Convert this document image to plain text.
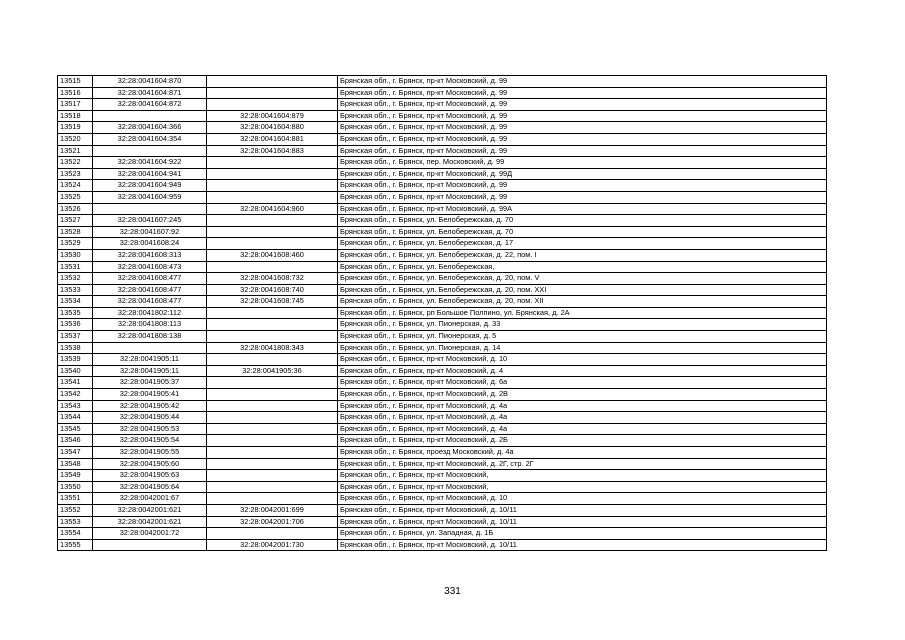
13515	32:28:0041604:870		Брянская обл., г. Брянск, пр-кт Московский, д. 99
13516	32:28:0041604:871		Брянская обл., г. Брянск, пр-кт Московский, д. 99
13517	32:28:0041604:872		Брянская обл., г. Брянск, пр-кт Московский, д. 99
13518		32:28:0041604:879	Брянская обл., г. Брянск, пр-кт Московский, д. 99
13519	32:28:0041604:366	32:28:0041604:880	Брянская обл., г. Брянск, пр-кт Московский, д. 99
13520	32:28:0041604:354	32:28:0041604:881	Брянская обл., г. Брянск, пр-кт Московский, д. 99
13521		32:28:0041604:883	Брянская обл., г. Брянск, пр-кт Московский, д. 99
13522	32:28:0041604:922		Брянская обл., г. Брянск, пер. Московский, д. 99
13523	32:28:0041604:941		Брянская обл., г. Брянск, пр-кт Московский, д. 99Д
13524	32:28:0041604:949		Брянская обл., г. Брянск, пр-кт Московский, д. 99
13525	32:28:0041604:959		Брянская обл., г. Брянск, пр-кт Московский, д. 99
13526		32:28:0041604:960	Брянская обл., г. Брянск, пр-кт Московский, д. 99А
13527	32:28:0041607:245		Брянская обл., г. Брянск, ул. Белобережская, д. 70
13528	32:28:0041607:92		Брянская обл., г. Брянск, ул. Белобережская, д. 70
13529	32:28:0041608:24		Брянская обл., г. Брянск, ул. Белобережская, д. 17
13530	32:28:0041608:313	32:28:0041608:460	Брянская обл., г. Брянск, ул. Белобережская, д. 22, пом. I
13531	32:28:0041608:473		Брянская обл., г. Брянск, ул. Белобережская,
13532	32:28:0041608:477	32:28:0041608:732	Брянская обл., г. Брянск, ул. Белобережская, д. 20, пом. V
13533	32:28:0041608:477	32:28:0041608:740	Брянская обл., г. Брянск, ул. Белобережская, д. 20, пом. XXI
13534	32:28:0041608:477	32:28:0041608:745	Брянская обл., г. Брянск, ул. Белобережская, д. 20, пом. XII
13535	32:28:0041802:112		Брянская обл., г. Брянск, рп Большое Полпино, ул. Брянская, д. 2А
13536	32:28:0041808:113		Брянская обл., г. Брянск, ул. Пионерская, д. 33
13537	32:28:0041808:138		Брянская обл., г. Брянск, ул. Пионерская, д. 5
13538		32:28:0041808:343	Брянская обл., г. Брянск, ул. Пионерская, д. 14
13539	32:28:0041905:11		Брянская обл., г. Брянск, пр-кт Московский, д. 10
13540	32:28:0041905:11	32:28:0041905:36	Брянская обл., г. Брянск, пр-кт Московский, д. 4
13541	32:28:0041905:37		Брянская обл., г. Брянск, пр-кт Московский, д. 6а
13542	32:28:0041905:41		Брянская обл., г. Брянск, пр-кт Московский, д. 2В
13543	32:28:0041905:42		Брянская обл., г. Брянск, пр-кт Московский, д. 4а
13544	32:28:0041905:44		Брянская обл., г. Брянск, пр-кт Московский, д. 4а
13545	32:28:0041905:53		Брянская обл., г. Брянск, пр-кт Московский, д. 4а
13546	32:28:0041905:54		Брянская обл., г. Брянск, пр-кт Московский, д. 2Б
13547	32:28:0041905:55		Брянская обл., г. Брянск, проезд Московский, д. 4а
13548	32:28:0041905:60		Брянская обл., г. Брянск, пр-кт Московский, д. 2Г, стр. 2Г
13549	32:28:0041905:63		Брянская обл., г. Брянск, пр-кт Московский,
13550	32:28:0041905:64		Брянская обл., г. Брянск, пр-кт Московский,
13551	32:28:0042001:67		Брянская обл., г. Брянск, пр-кт Московский, д. 10
13552	32:28:0042001:621	32:28:0042001:699	Брянская обл., г. Брянск, пр-кт Московский, д. 10/11
13553	32:28:0042001:621	32:28:0042001:706	Брянская обл., г. Брянск, пр-кт Московский, д. 10/11
13554	32:28:0042001:72		Брянская обл., г. Брянск, ул. Западная, д. 1Б
13555		32:28:0042001:730	Брянская обл., г. Брянск, пр-кт Московский, д. 10/11
331
